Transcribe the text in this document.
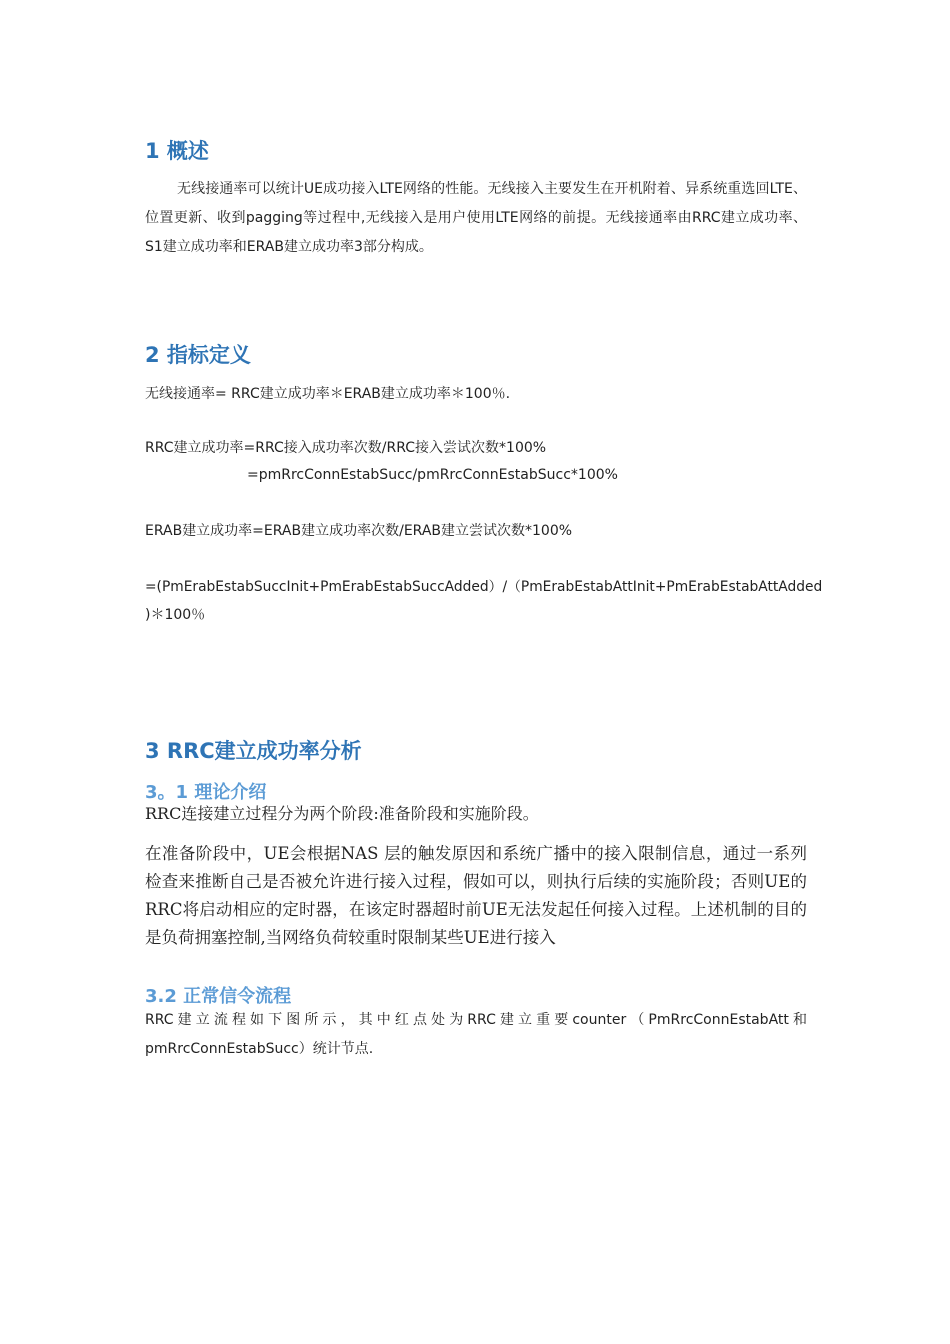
1 概述

无线接通率可以统计UE成功接入LTE网络的性能。无线接入主要发生在开机附着、异系统重选回LTE、位置更新、收到pagging等过程中,无线接入是用户使用LTE网络的前提。无线接通率由RRC建立成功率、S1建立成功率和ERAB建立成功率3部分构成。

2 指标定义

无线接通率= RRC建立成功率＊ERAB建立成功率＊100％.

RRC建立成功率=RRC接入成功率次数/RRC接入尝试次数*100%

=pmRrcConnEstabSucc/pmRrcConnEstabSucc*100%

ERAB建立成功率=ERAB建立成功率次数/ERAB建立尝试次数*100%

=(PmErabEstabSuccInit+PmErabEstabSuccAdded）/（PmErabEstabAttInit+PmErabEstabAttAdded

)＊100％

3 RRC建立成功率分析
3。1 理论介绍

RRC连接建立过程分为两个阶段:准备阶段和实施阶段。

在准备阶段中，UE会根据NAS 层的触发原因和系统广播中的接入限制信息，通过一系列检查来推断自己是否被允许进行接入过程，假如可以，则执行后续的实施阶段；否则UE的RRC将启动相应的定时器，在该定时器超时前UE无法发起任何接入过程。上述机制的目的是负荷拥塞控制,当网络负荷较重时限制某些UE进行接入

3.2 正常信令流程

RRC建立流程如下图所示，其中红点处为RRC建立重要counter（PmRrcConnEstabAtt和pmRrcConnEstabSucc）统计节点.
